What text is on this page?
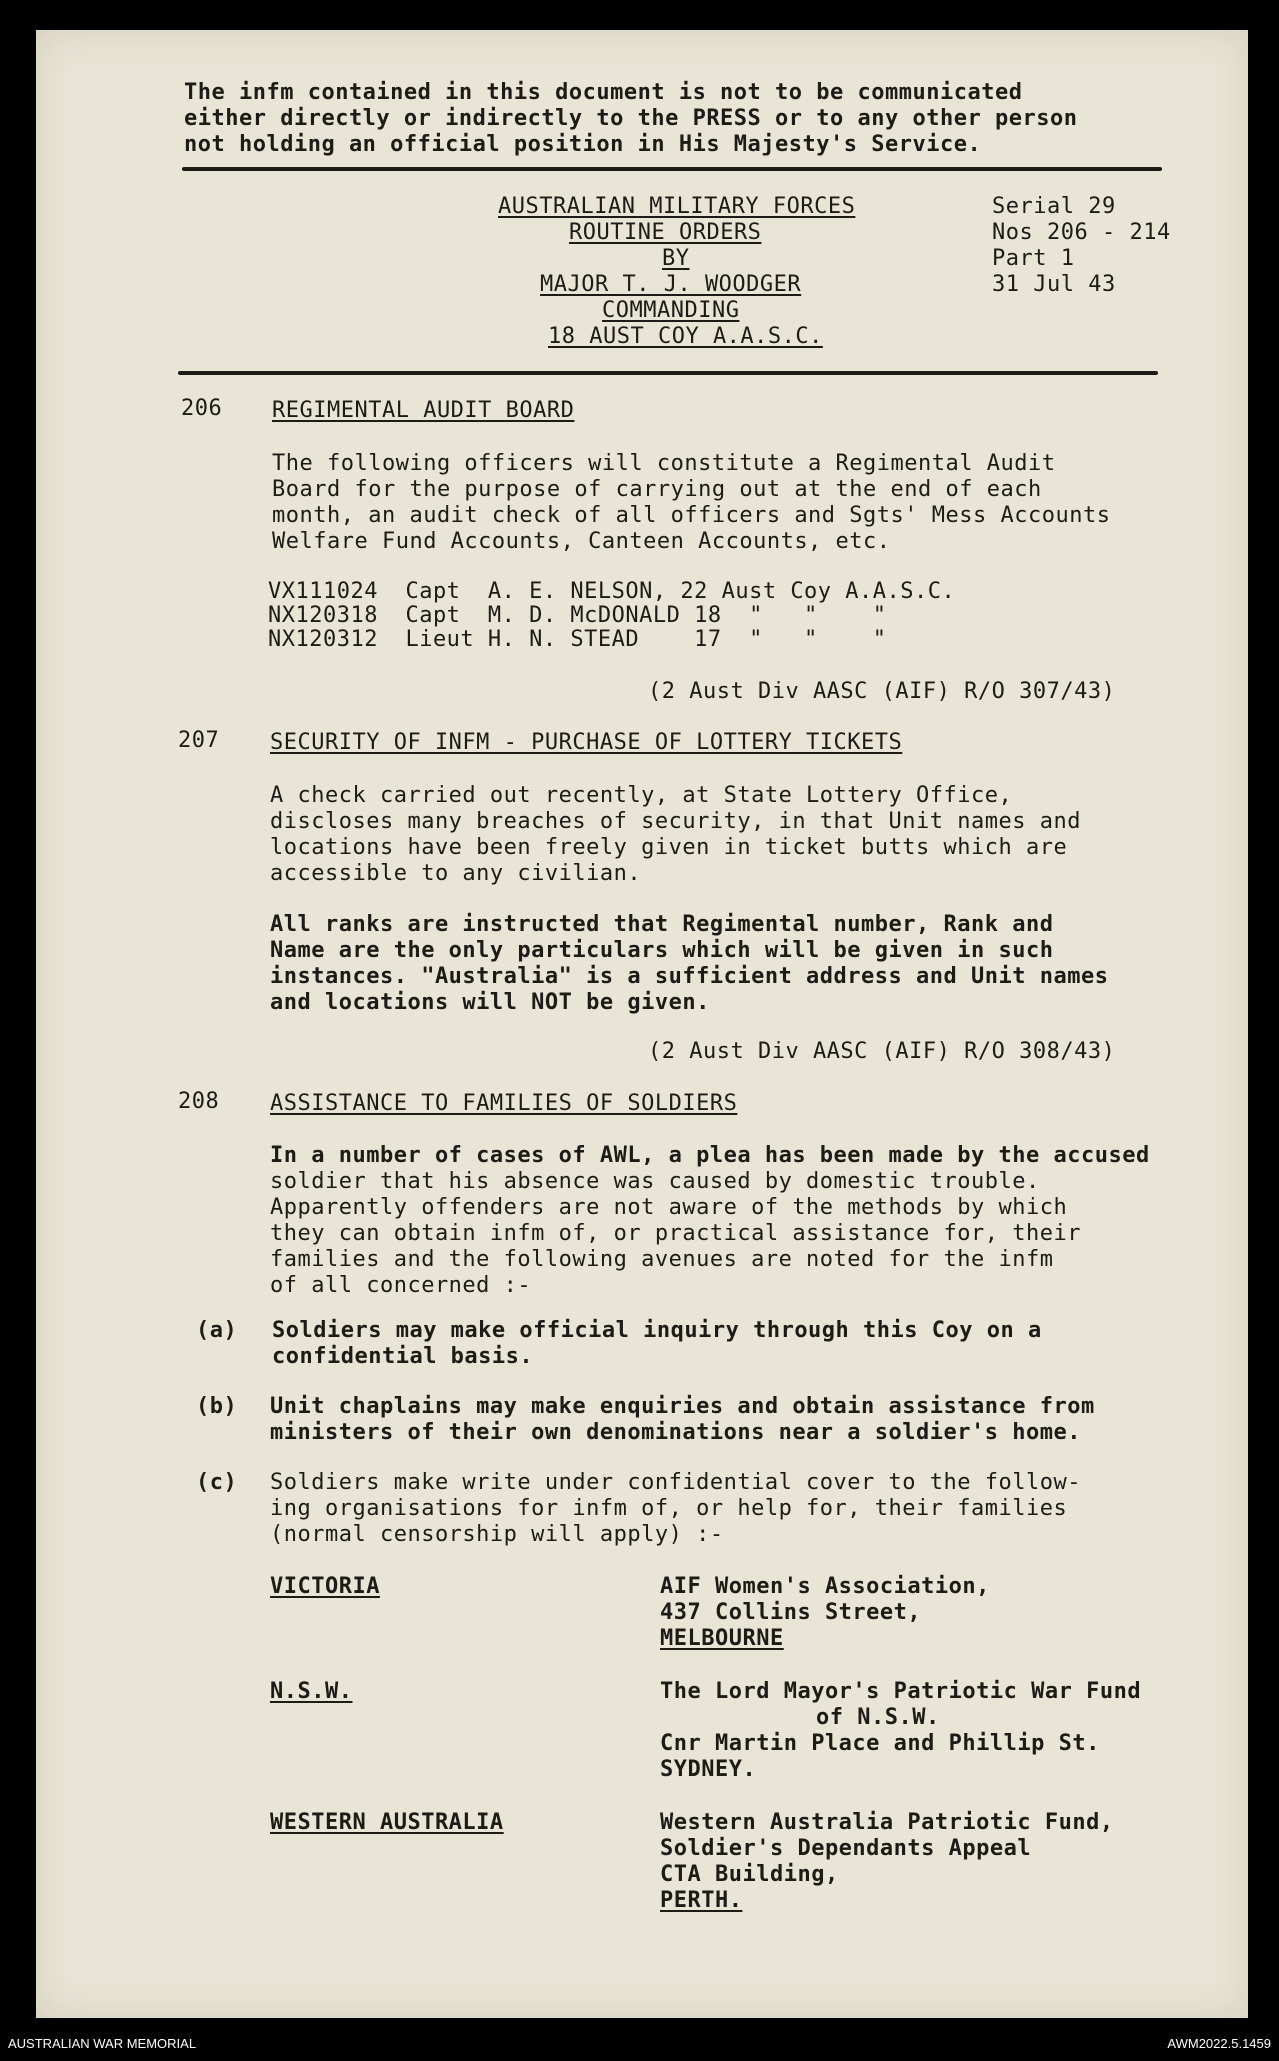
The infm contained in this document is not to be communicated
either directly or indirectly to the PRESS or to any other person
not holding an official position in His Majesty's Service.
AUSTRALIAN MILITARY FORCES
ROUTINE ORDERS
BY
MAJOR T. J. WOODGER
COMMANDING
18 AUST COY A.A.S.C.
Serial 29
Nos 206 - 214
Part 1
31 Jul 43
206 REGIMENTAL AUDIT BOARD
The following officers will constitute a Regimental Audit
Board for the purpose of carrying out at the end of each
month, an audit check of all officers and Sgts' Mess Accounts
Welfare Fund Accounts, Canteen Accounts, etc.
VX111024  Capt  A. E. NELSON, 22 Aust Coy A.A.S.C.
NX120318  Capt  M. D. McDONALD 18  "   "    "
NX120312  Lieut H. N. STEAD    17  "   "    "
(2 Aust Div AASC (AIF) R/O 307/43)
207 SECURITY OF INFM - PURCHASE OF LOTTERY TICKETS
A check carried out recently, at State Lottery Office,
discloses many breaches of security, in that Unit names and
locations have been freely given in ticket butts which are
accessible to any civilian.
All ranks are instructed that Regimental number, Rank and
Name are the only particulars which will be given in such
instances. "Australia" is a sufficient address and Unit names
and locations will NOT be given.
(2 Aust Div AASC (AIF) R/O 308/43)
208 ASSISTANCE TO FAMILIES OF SOLDIERS
In a number of cases of AWL, a plea has been made by the accused
soldier that his absence was caused by domestic trouble.
Apparently offenders are not aware of the methods by which
they can obtain infm of, or practical assistance for, their
families and the following avenues are noted for the infm
of all concerned :-
(a) Soldiers may make official inquiry through this Coy on a
confidential basis.
(b) Unit chaplains may make enquiries and obtain assistance from
ministers of their own denominations near a soldier's home.
(c) Soldiers make write under confidential cover to the follow-
ing organisations for infm of, or help for, their families
(normal censorship will apply) :-
VICTORIA	AIF Women's Association,
437 Collins Street,
MELBOURNE
N.S.W.	The Lord Mayor's Patriotic War Fund
of N.S.W.
Cnr Martin Place and Phillip St.
SYDNEY.
WESTERN AUSTRALIA	Western Australia Patriotic Fund,
Soldier's Dependants Appeal
CTA Building,
PERTH.
AUSTRALIAN WAR MEMORIAL	AWM2022.5.1459
